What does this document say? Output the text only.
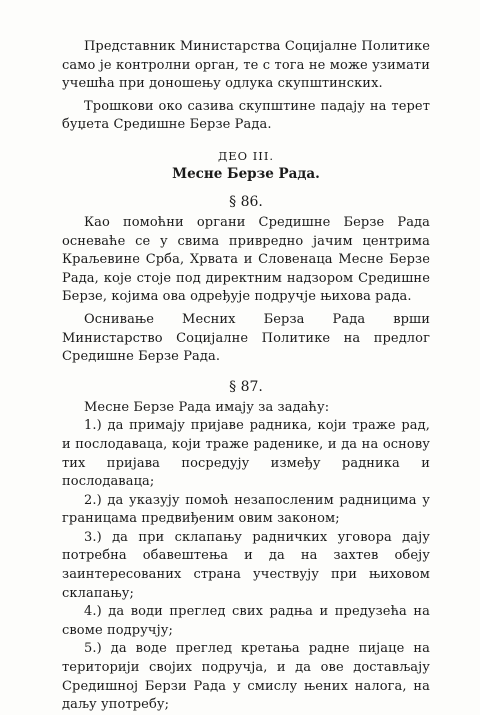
Представник Министарства Социјалне Политике само је контролни орган, те с тога не може узимати учешћа при доношењу одлука скупштинских.

Трошкови око сазива скупштине падају на терет буџета Средишне Берзе Рада.

ДЕО III.
Месне Берзе Рада.
§ 86.

Као помоћни органи Средишне Берзе Рада осневаће се у свима привредно јачим центрима Краљевине Срба, Хрвата и Словенаца Месне Берзе Рада, које стоје под директним надзором Средишне Берзе, којима ова одређује подручје њихова рада.

Оснивање Месних Берза Рада врши Министарство Социјалне Политике на предлог Средишне Берзе Рада.

§ 87.

Месне Берзе Рада имају за задаћу:

1.) да примају пријаве радника, који траже рад, и послодаваца, који траже раденике, и да на основу тих пријава посредују између радника и послодаваца;

2.) да указују помоћ незапосленим радницима у границама предвиђеним овим законом;

3.) да при склапању радничких уговора дају потребна обавештења и да на захтев обеју заинтересованих страна учествују при њиховом склапању;

4.) да води преглед свих радња и предузећа на своме подручју;

5.) да воде преглед кретања радне пијаце на територији својих подручја, и да ове достављају Средишној Берзи Рада у смислу њених налога, на даљу употребу;
